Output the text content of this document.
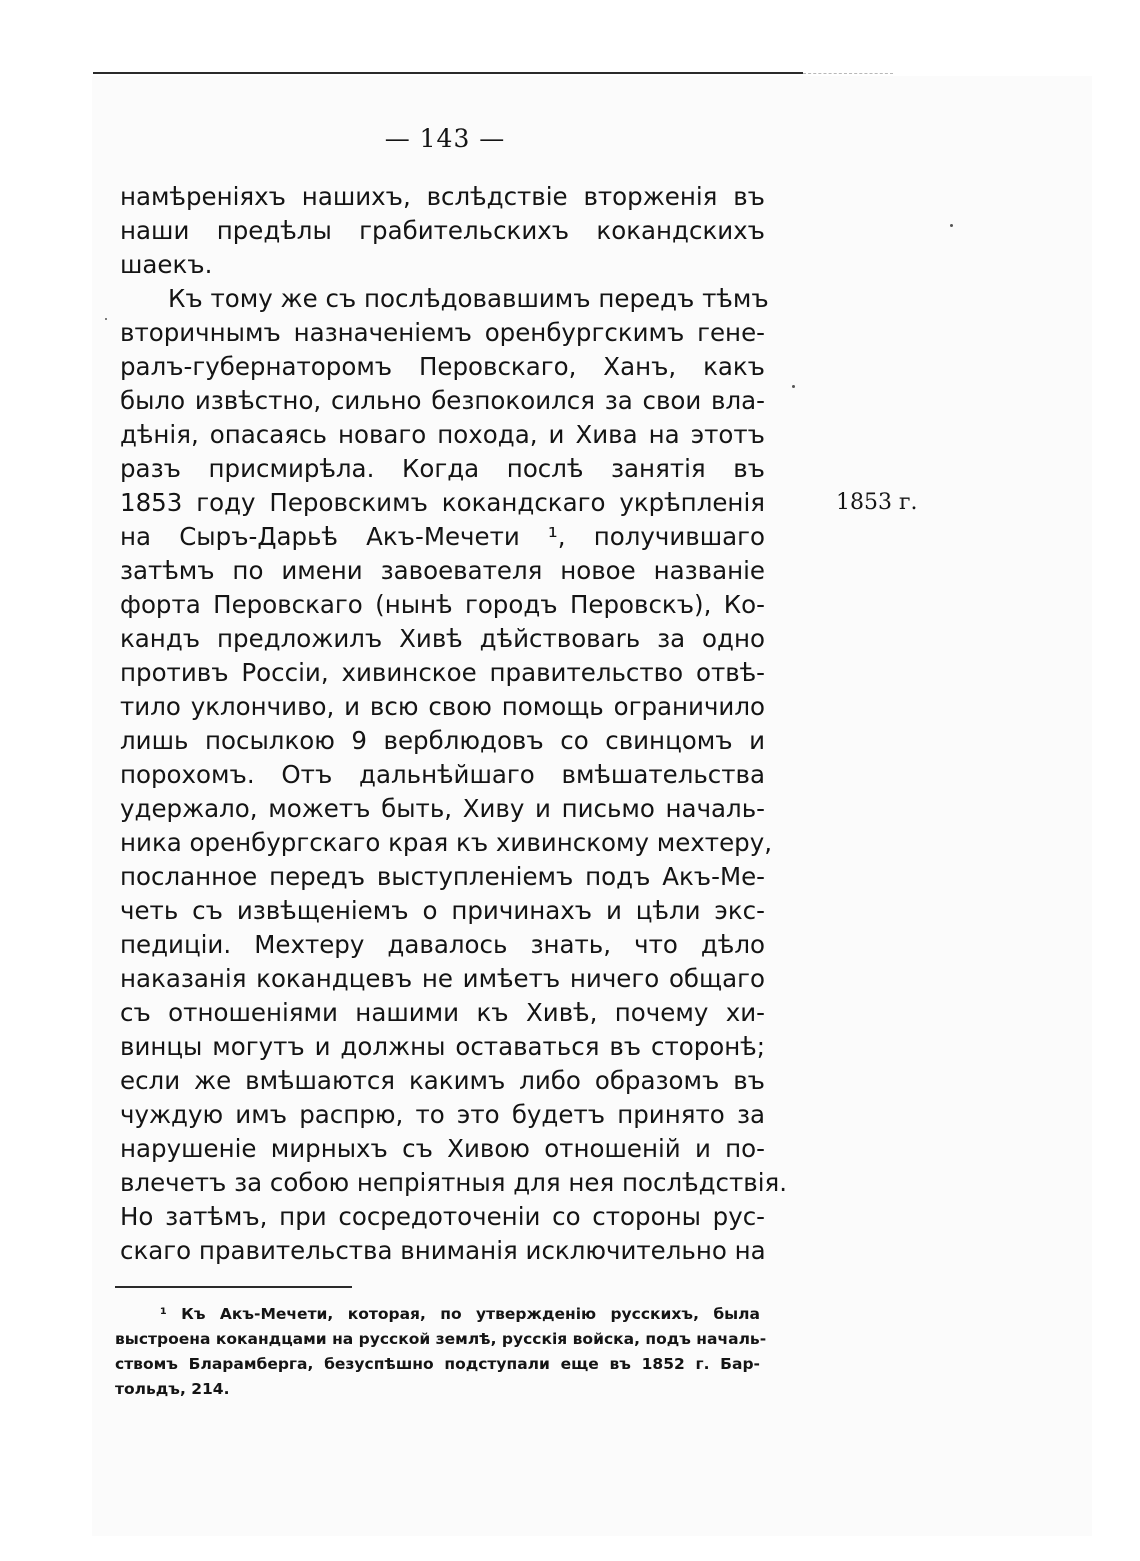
— 143 —
намѣреніяхъ нашихъ, вслѣдствіе вторженія въ
наши предѣлы грабительскихъ кокандскихъ
шаекъ.
Къ тому же съ послѣдовавшимъ передъ тѣмъ
вторичнымъ назначеніемъ оренбургскимъ гене-
ралъ-губернаторомъ Перовскаго, Ханъ, какъ
было извѣстно, сильно безпокоился за свои вла-
дѣнія, опасаясь новаго похода, и Хива на этотъ
разъ присмирѣла. Когда послѣ занятія въ
1853 году Перовскимъ кокандскаго укрѣпленія
на Сыръ-Дарьѣ Акъ-Мечети ¹, получившаго
затѣмъ по имени завоевателя новое названіе
форта Перовскаго (нынѣ городъ Перовскъ), Ко-
кандъ предложилъ Хивѣ дѣйствоваrь за одно
противъ Россіи, хивинское правительство отвѣ-
тило уклончиво, и всю свою помощь ограничило
лишь посылкою 9 верблюдовъ со свинцомъ и
порохомъ. Отъ дальнѣйшаго вмѣшательства
удержало, можетъ быть, Хиву и письмо началь-
ника оренбургскаго края къ хивинскому мехтеру,
посланное передъ выступленіемъ подъ Акъ-Ме-
четь съ извѣщеніемъ о причинахъ и цѣли экс-
педиціи. Мехтеру давалось знать, что дѣло
наказанія кокандцевъ не имѣетъ ничего общаго
съ отношеніями нашими къ Хивѣ, почему хи-
винцы могутъ и должны оставаться въ сторонѣ;
если же вмѣшаются какимъ либо образомъ въ
чуждую имъ распрю, то это будетъ принято за
нарушеніе мирныхъ съ Хивою отношеній и по-
влечетъ за собою непріятныя для нея послѣдствія.
Но затѣмъ, при сосредоточеніи со стороны рус-
скаго правительства вниманія исключительно на
1853 г.
¹ Къ Акъ-Мечети, которая, по утвержденію русскихъ, была
выстроена кокандцами на русской землѣ, русскія войска, подъ началь-
ствомъ Бларамберга, безуспѣшно подступали еще въ 1852 г. Бар-
тольдъ, 214.
